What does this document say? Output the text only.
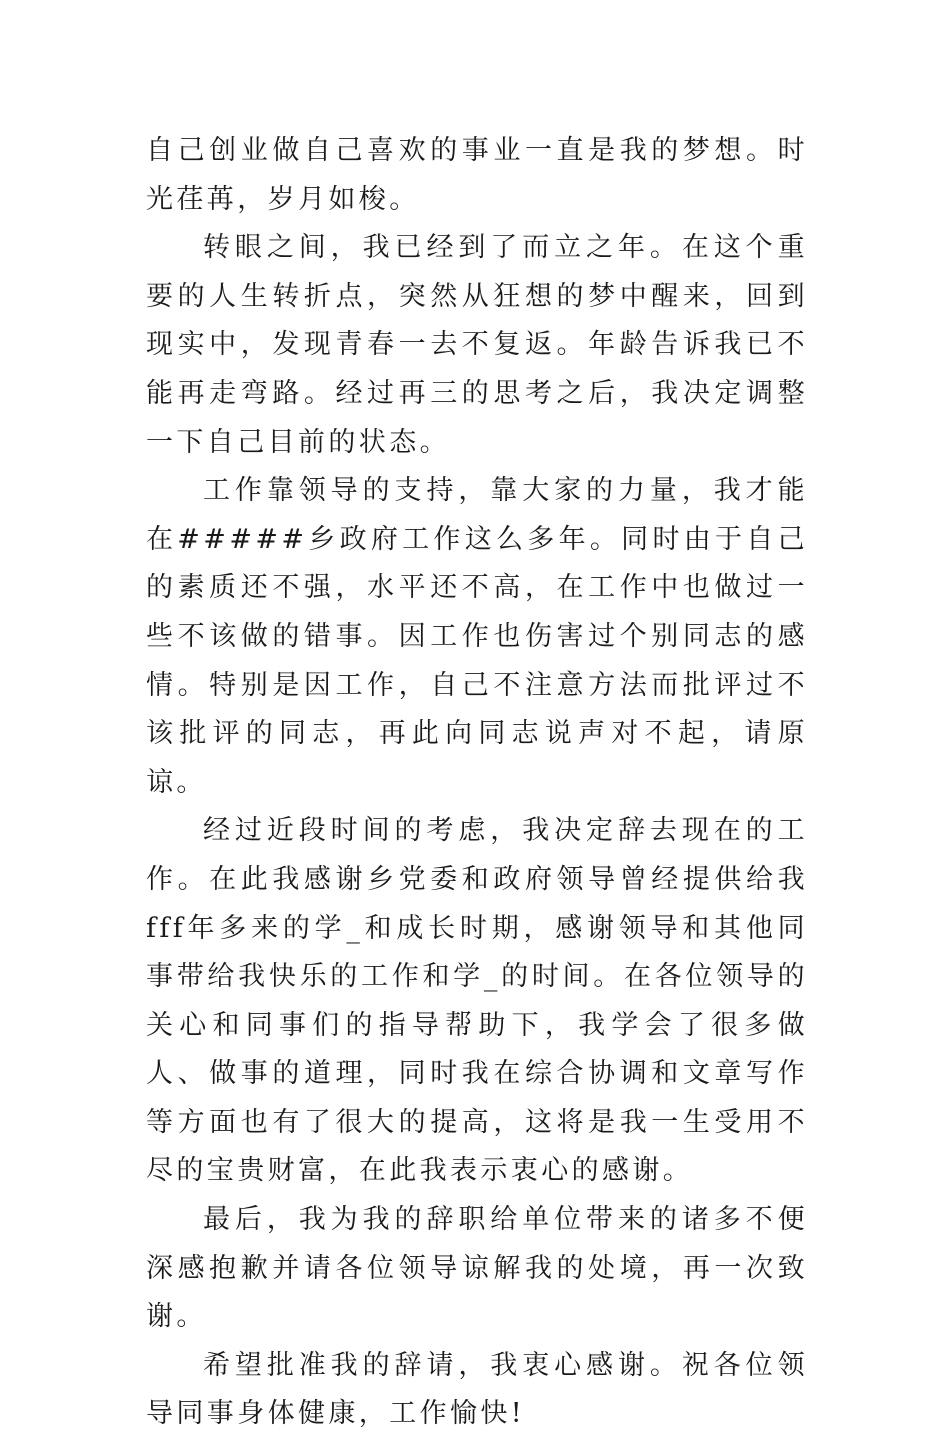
自己创业做自己喜欢的事业一直是我的梦想。时光荏苒，岁月如梭。

转眼之间，我已经到了而立之年。在这个重要的人生转折点，突然从狂想的梦中醒来，回到现实中，发现青春一去不复返。年龄告诉我已不能再走弯路。经过再三的思考之后，我决定调整一下自己目前的状态。

工作靠领导的支持，靠大家的力量，我才能在#####乡政府工作这么多年。同时由于自己的素质还不强，水平还不高，在工作中也做过一些不该做的错事。因工作也伤害过个别同志的感情。特别是因工作，自己不注意方法而批评过不该批评的同志，再此向同志说声对不起，请原谅。

经过近段时间的考虑，我决定辞去现在的工作。在此我感谢乡党委和政府领导曾经提供给我fff年多来的学_和成长时期，感谢领导和其他同事带给我快乐的工作和学_的时间。在各位领导的关心和同事们的指导帮助下，我学会了很多做人、做事的道理，同时我在综合协调和文章写作等方面也有了很大的提高，这将是我一生受用不尽的宝贵财富，在此我表示衷心的感谢。

最后，我为我的辞职给单位带来的诸多不便深感抱歉并请各位领导谅解我的处境，再一次致谢。

希望批准我的辞请，我衷心感谢。祝各位领导同事身体健康，工作愉快!
